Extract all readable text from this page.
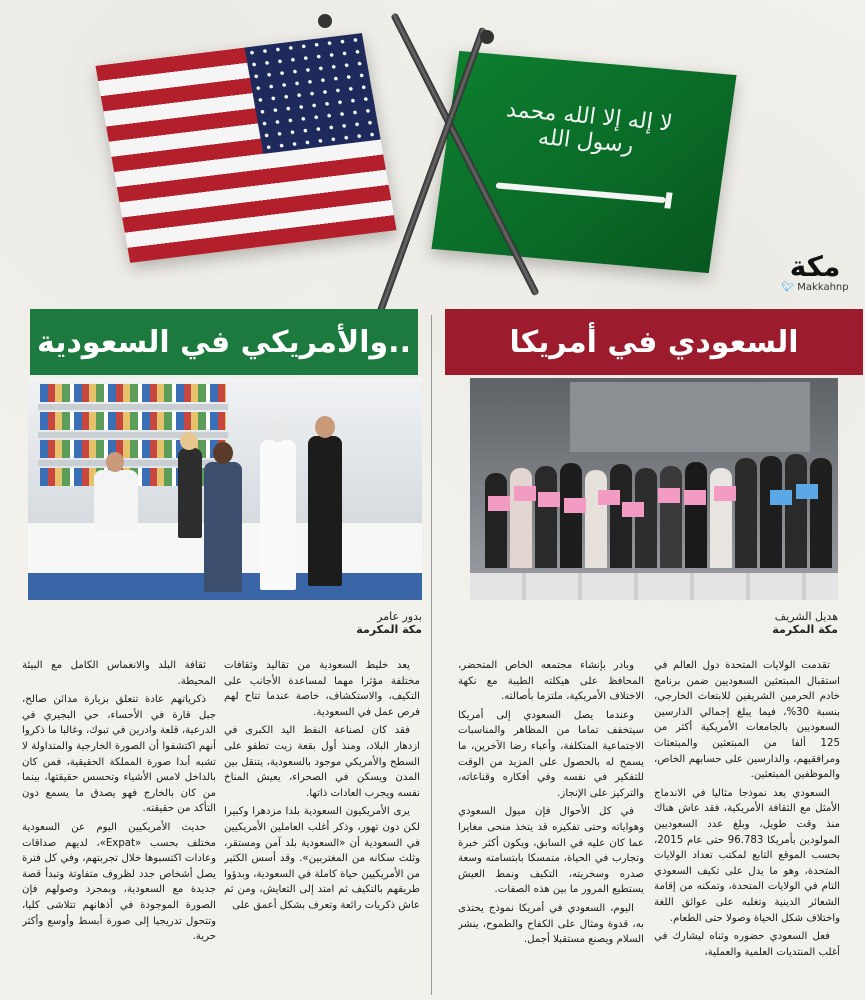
لا إله إلا الله محمد رسول الله
مكة
🐦︎ Makkahnp
..والأمريكي في السعودية	السعودي في أمريكا
بدور عامر
مكة المكرمة
هديل الشريف
مكة المكرمة

تقدمت الولايات المتحدة دول العالم في استقبال المبتعثين السعوديين ضمن برنامج خادم الحرمين الشريفين للابتعاث الخارجي، بنسبة 30%، فيما يبلغ إجمالي الدارسين السعوديين بالجامعات الأمريكية أكثر من 125 ألفا من المبتعثين والمبتعثات ومرافقيهم، والدارسين على حسابهم الخاص، والموظفين المبتعثين.

السعودي يعد نموذجا مثاليا في الاندماج الأمثل مع الثقافة الأمريكية، فقد عاش هناك منذ وقت طويل، وبلغ عدد السعوديين المولودين بأمريكا 96.783 حتى عام 2015، بحسب الموقع التابع لمكتب تعداد الولايات المتحدة، وهو ما يدل على تكيف السعودي التام في الولايات المتحدة، وتمكنه من إقامة الشعائر الدينية وتغلبه على عوائق اللغة واختلاف شكل الحياة وصولا حتى الطعام.

فعل السعودي حضوره وثناه ليشارك في أغلب المنتديات العلمية والعملية،

وبادر بإنشاء مجتمعه الخاص المتحضر، المحافظ على هيكلته الطيبة مع نكهة الاختلاف الأمريكية، ملتزما بأصالته.

وعندما يصل السعودي إلى أمريكا سيتخفف تماما من المظاهر والمناسبات الاجتماعية المتكلفة، وأعباء رضا الآخرين، ما يسمح له بالحصول على المزيد من الوقت للتفكير في نفسه وفي أفكاره وقناعاته، والتركيز على الإنجاز.

في كل الأحوال فإن ميول السعودي وهواياته وحتى تفكيره قد يتخذ منحى مغايرا عما كان عليه في السابق، ويكون أكثر خبرة وتجارب في الحياة، متمسكا بابتسامته وسعة صدره وسخريته، التكيف ونمط العيش يستطيع المرور ما بين هذه الصفات.

اليوم، السعودي في أمريكا نموذج يحتذى به، قدوة ومثال على الكفاح والطموح، ينشر السلام ويصنع مستقبلا أجمل.

يعد خليط السعودية من تقاليد وثقافات مختلفة مؤثرا مهما لمساعدة الأجانب على التكيف، والاستكشاف، خاصة عندما تتاح لهم فرص عمل في السعودية.

فقد كان لصناعة النفط اليد الكبرى في ازدهار البلاد، ومنذ أول بقعة زيت تطفو على السطح والأمريكي موجود بالسعودية، يتنقل بين المدن ويسكن في الصحراء، يعيش المناخ نفسه ويجرب العادات ذاتها.

يرى الأمريكيون السعودية بلدا مزدهرا وكبيرا لكن دون تهور، وذكر أغلب العاملين الأمريكيين في السعودية أن «السعودية بلد آمن ومستقر، وثلث سكانه من المغتربين». وقد أسس الكثير من الأمريكيين حياة كاملة في السعودية، وبدؤوا طريقهم بالتكيف ثم امتد إلى التعايش، ومن ثم عاش ذكريات رائعة وتعرف بشكل أعمق على

ثقافة البلد والانغماس الكامل مع البيئة المحيطة.

ذكرياتهم عادة تتعلق بزيارة مدائن صالح، جبل قارة في الأحساء، حي البجيري في الدرعية، قلعة وادرين في تبوك، وغالبا ما ذكروا أنهم اكتشفوا أن الصورة الخارجية والمتداولة لا تشبه أبدا صورة المملكة الحقيقية، فمن كان بالداخل لامس الأشياء وتحسس حقيقتها، بينما من كان بالخارج فهو يصدق ما يسمع دون التأكد من حقيقته.

حديث الأمريكيين اليوم عن السعودية مختلف بحسب «Expat»، لديهم صداقات وعادات اكتسبوها خلال تجربتهم، وفي كل فترة يصل أشخاص جدد لظروف متفاوتة وتبدأ قصة جديدة مع السعودية، وبمجرد وصولهم فإن الصورة الموجودة في أذهانهم تتلاشى كليا، وتتحول تدريجيا إلى صورة أبسط وأوسع وأكثر حرية.
